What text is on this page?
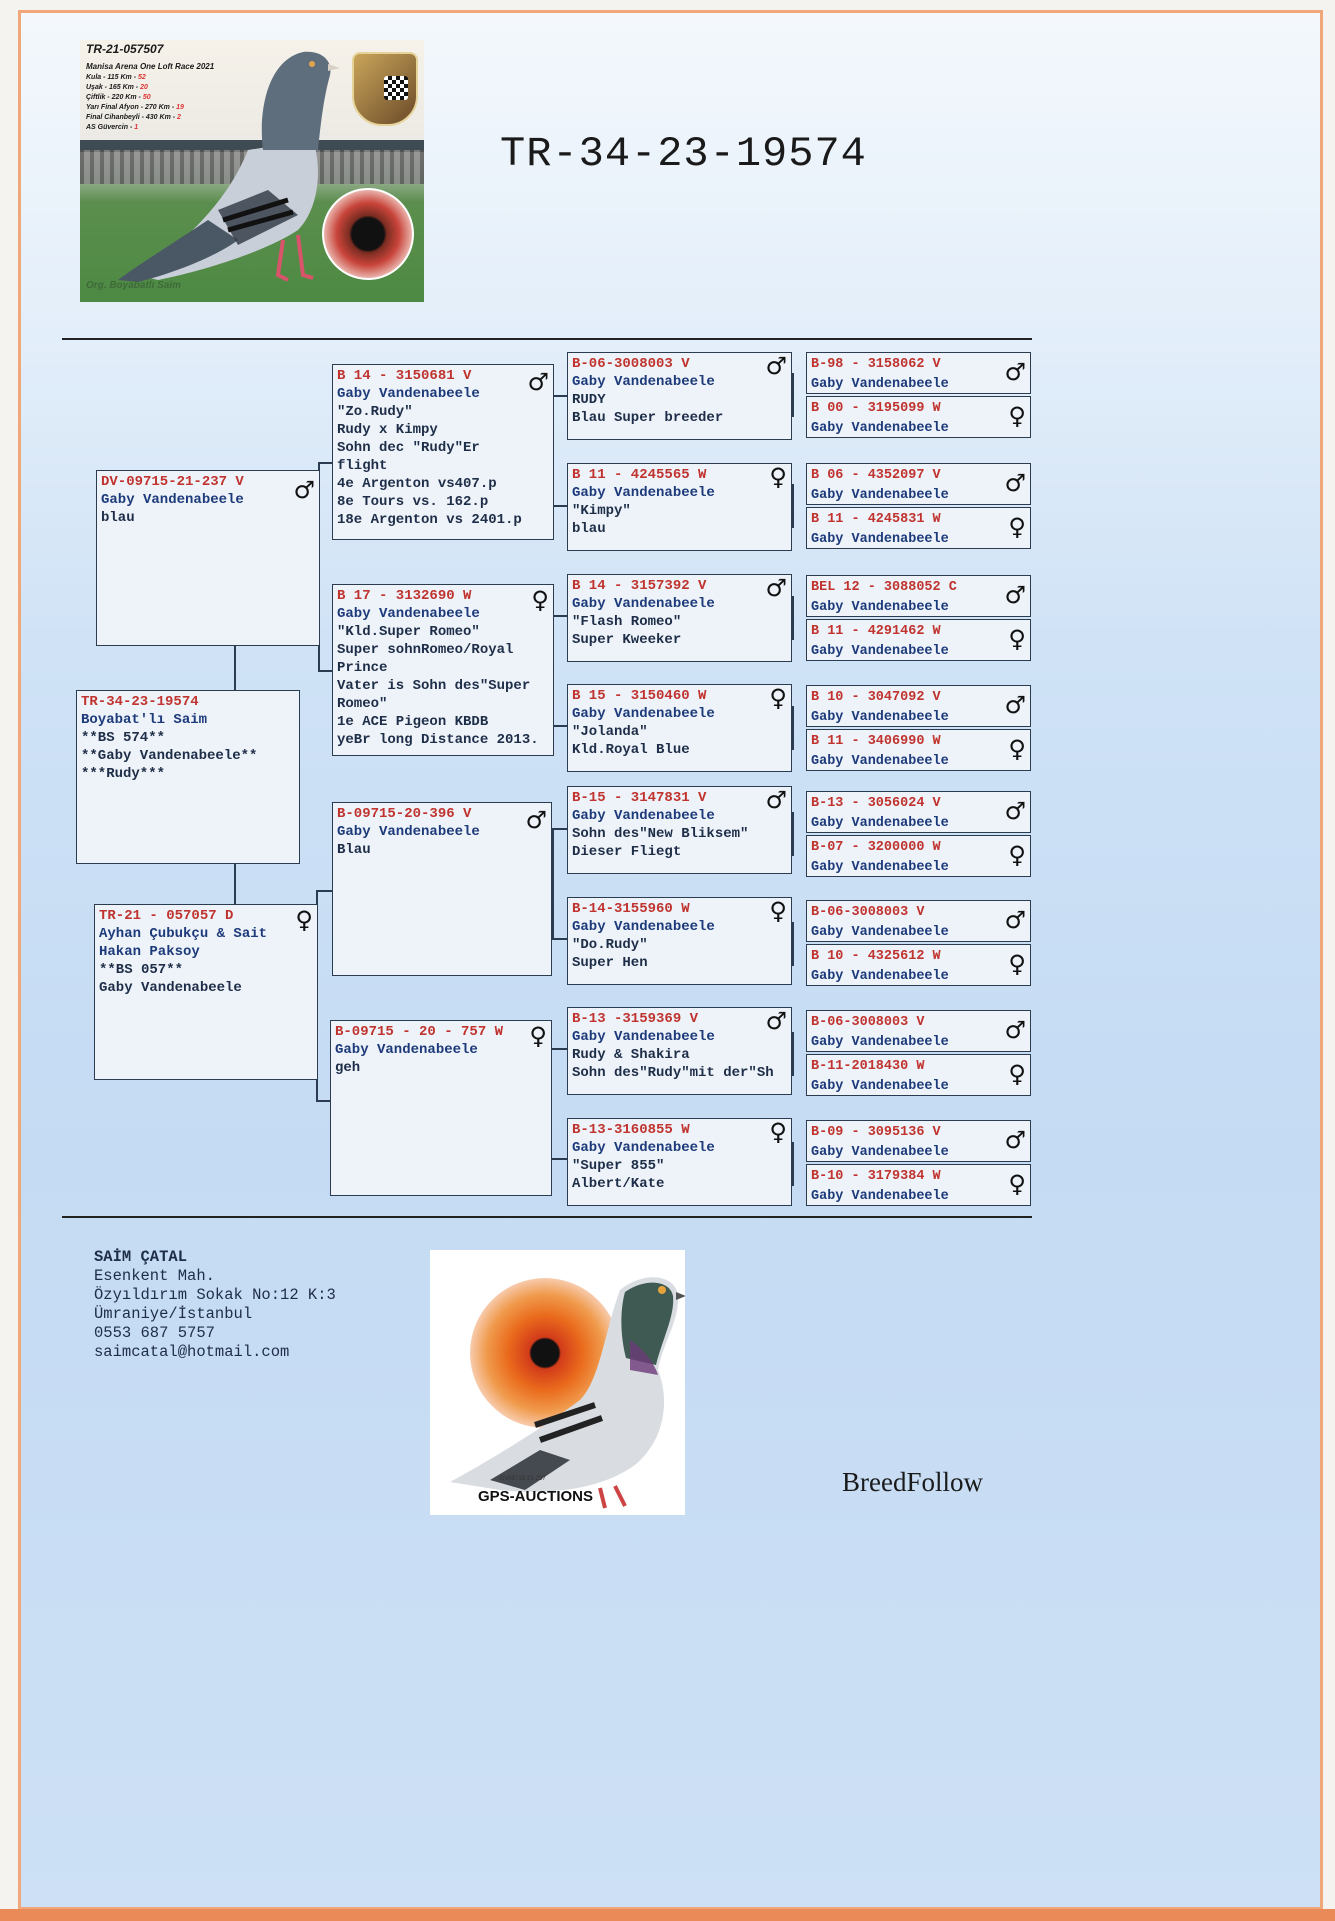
TR-21-057507
Manisa Arena One Loft Race 2021
Kula - 115 Km - 52
Uşak - 165 Km - 20
Çiftlik - 220 Km - 50
Yarı Final Afyon - 270 Km - 19
Final Cihanbeyli - 430 Km - 2
AS Güvercin - 1
Org. Boyabatlı Saim
TR-34-23-19574
DV-09715-21-237 V
Gaby Vandenabeele
blau
♂
TR-34-23-19574
Boyabat'lı Saim
**BS 574**
**Gaby Vandenabeele**
***Rudy***
TR-21 - 057057 D
Ayhan Çubukçu & Sait
Hakan Paksoy
**BS 057**
Gaby Vandenabeele
♀
B 14 - 3150681 V
Gaby Vandenabeele
"Zo.Rudy"
Rudy x Kimpy
Sohn dec "Rudy"Er
flight
4e Argenton vs407.p
8e Tours vs. 162.p
18e Argenton vs 2401.p
♂
B 17 - 3132690 W
Gaby Vandenabeele
"Kld.Super Romeo"
Super sohnRomeo/Royal
Prince
Vater is Sohn des"Super
Romeo"
1e ACE Pigeon KBDB
yeBr long Distance 2013.
♀
B-09715-20-396 V
Gaby Vandenabeele
Blau
♂
B-09715 - 20 - 757 W
Gaby Vandenabeele
geh
♀
B-06-3008003 V
Gaby Vandenabeele
RUDY
Blau Super breeder
♂
B 11 - 4245565 W
Gaby Vandenabeele
"Kimpy"
blau
♀
B 14 - 3157392 V
Gaby Vandenabeele
"Flash Romeo"
Super Kweeker
♂
B 15 - 3150460 W
Gaby Vandenabeele
"Jolanda"
Kld.Royal Blue
♀
B-15 - 3147831 V
Gaby Vandenabeele
Sohn des"New Bliksem"
Dieser Fliegt
♂
B-14-3155960 W
Gaby Vandenabeele
"Do.Rudy"
Super Hen
♀
B-13 -3159369 V
Gaby Vandenabeele
Rudy & Shakira
Sohn des"Rudy"mit der"Sh
♂
B-13-3160855 W
Gaby Vandenabeele
"Super 855"
Albert/Kate
♀
B-98 - 3158062 V
Gaby Vandenabeele	♂
B 00 - 3195099 W
Gaby Vandenabeele	♀
B 06 - 4352097 V
Gaby Vandenabeele	♂
B 11 - 4245831 W
Gaby Vandenabeele	♀
BEL 12 - 3088052 C
Gaby Vandenabeele	♂
B 11 - 4291462 W
Gaby Vandenabeele	♀
B 10 - 3047092 V
Gaby Vandenabeele	♂
B 11 - 3406990 W
Gaby Vandenabeele	♀
B-13 - 3056024 V
Gaby Vandenabeele	♂
B-07 - 3200000 W
Gaby Vandenabeele	♀
B-06-3008003 V
Gaby Vandenabeele	♂
B 10 - 4325612 W
Gaby Vandenabeele	♀
B-06-3008003 V
Gaby Vandenabeele	♂
B-11-2018430 W
Gaby Vandenabeele	♀
B-09 - 3095136 V
Gaby Vandenabeele	♂
B-10 - 3179384 W
Gaby Vandenabeele	♀
SAİM ÇATAL
Esenkent Mah.
Özyıldırım Sokak No:12 K:3
Ümraniye/İstanbul
0553 687 5757
saimcatal@hotmail.com
DV09715-21-237
GPS-AUCTIONS	BreedFollow
